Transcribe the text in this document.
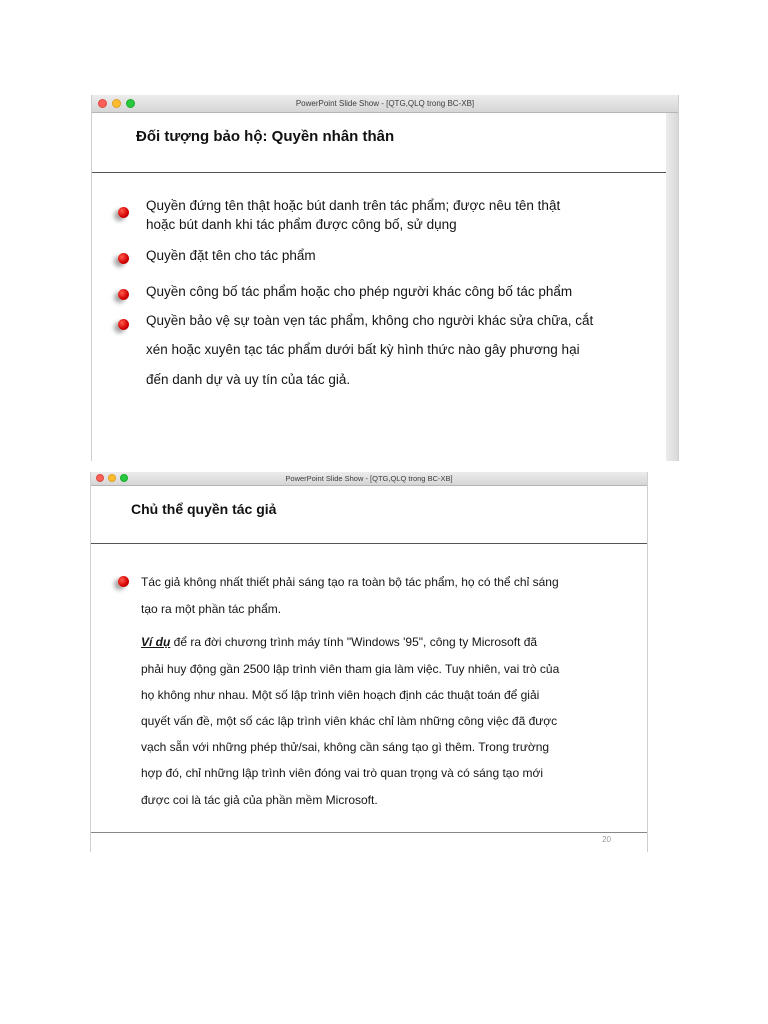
PowerPoint Slide Show - [QTG,QLQ trong BC-XB]
Đối tượng bảo hộ: Quyền nhân thân
Quyền đứng tên thật hoặc bút danh trên tác phẩm; được nêu tên thật
hoặc bút danh khi tác phẩm được công bố, sử dụng
Quyền đặt tên cho tác phẩm
Quyền công bố tác phẩm hoặc cho phép người khác công bố tác phẩm
Quyền bảo vệ sự toàn vẹn tác phẩm, không cho người khác sửa chữa, cắt
xén hoặc xuyên tạc tác phẩm dưới bất kỳ hình thức nào gây phương hại
đến danh dự và uy tín của tác giả.
PowerPoint Slide Show - [QTG,QLQ trong BC-XB]
Chủ thể quyền tác giả
Tác giả không nhất thiết phải sáng tạo ra toàn bộ tác phẩm, họ có thể chỉ sáng
tạo ra một phần tác phẩm.
Ví dụ để ra đời chương trình máy tính "Windows '95", công ty Microsoft đã
phải huy động gần 2500 lập trình viên tham gia làm việc. Tuy nhiên, vai trò của
họ không như nhau. Một số lập trình viên hoạch định các thuật toán để giải
quyết vấn đề, một số các lập trình viên khác chỉ làm những công việc đã được
vạch sẵn với những phép thử/sai, không cần sáng tạo gì thêm. Trong trường
hợp đó, chỉ những lập trình viên đóng vai trò quan trọng và có sáng tạo mới
được coi là tác giả của phần mềm Microsoft.
20
